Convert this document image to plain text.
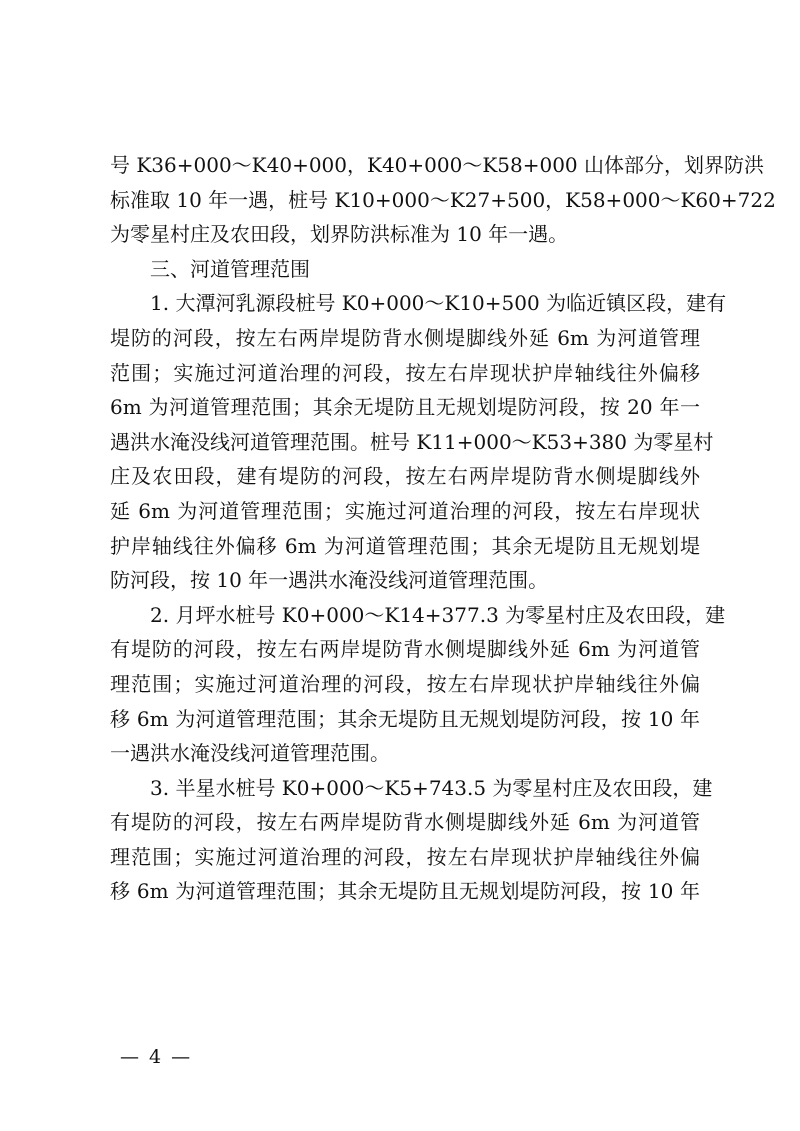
号 K36+000～K40+000，K40+000～K58+000 山体部分，划界防洪
标准取 10 年一遇，桩号 K10+000～K27+500，K58+000～K60+722
为零星村庄及农田段，划界防洪标准为 10 年一遇。
三、河道管理范围
1. 大潭河乳源段桩号 K0+000～K10+500 为临近镇区段，建有
堤防的河段，按左右两岸堤防背水侧堤脚线外延 6m 为河道管理
范围；实施过河道治理的河段，按左右岸现状护岸轴线往外偏移
6m 为河道管理范围；其余无堤防且无规划堤防河段，按 20 年一
遇洪水淹没线河道管理范围。桩号 K11+000～K53+380 为零星村
庄及农田段，建有堤防的河段，按左右两岸堤防背水侧堤脚线外
延 6m 为河道管理范围；实施过河道治理的河段，按左右岸现状
护岸轴线往外偏移 6m 为河道管理范围；其余无堤防且无规划堤
防河段，按 10 年一遇洪水淹没线河道管理范围。
2. 月坪水桩号 K0+000～K14+377.3 为零星村庄及农田段，建
有堤防的河段，按左右两岸堤防背水侧堤脚线外延 6m 为河道管
理范围；实施过河道治理的河段，按左右岸现状护岸轴线往外偏
移 6m 为河道管理范围；其余无堤防且无规划堤防河段，按 10 年
一遇洪水淹没线河道管理范围。
3. 半星水桩号 K0+000～K5+743.5 为零星村庄及农田段，建
有堤防的河段，按左右两岸堤防背水侧堤脚线外延 6m 为河道管
理范围；实施过河道治理的河段，按左右岸现状护岸轴线往外偏
移 6m 为河道管理范围；其余无堤防且无规划堤防河段，按 10 年
— 4 —
